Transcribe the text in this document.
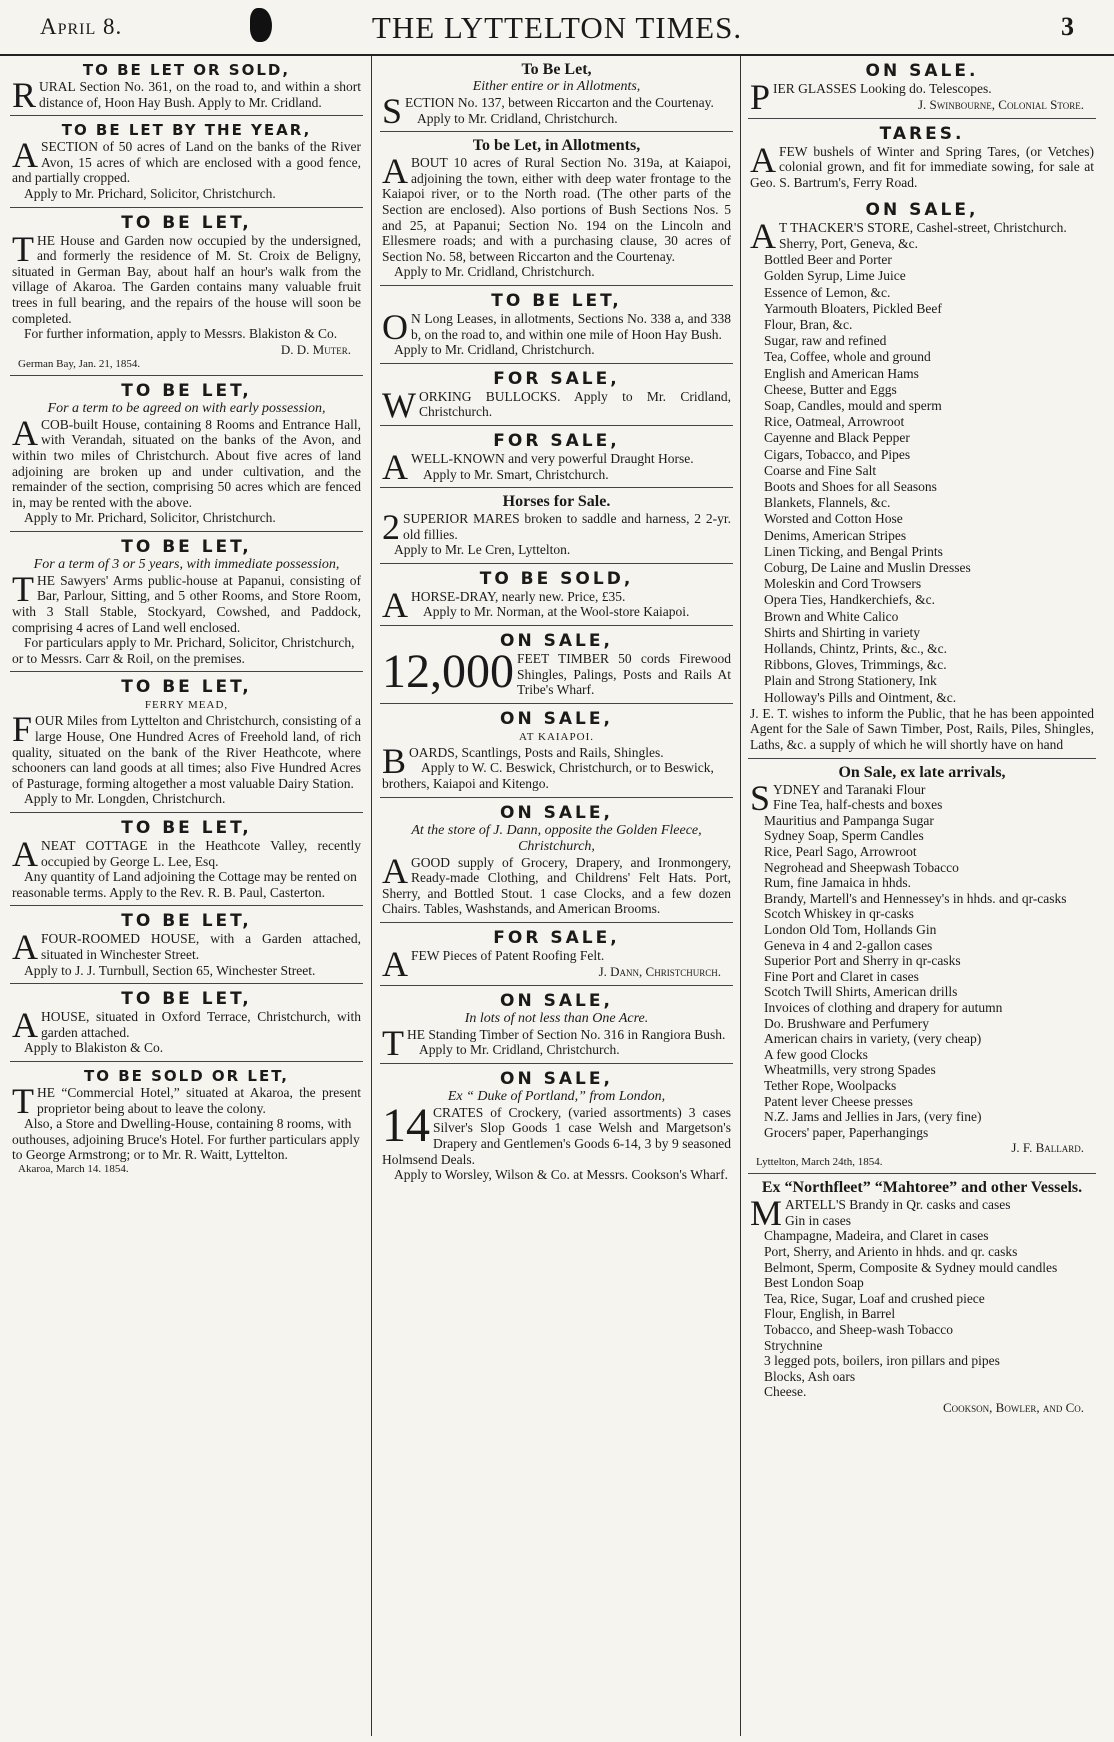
April 8.	THE LYTTELTON TIMES.	3
TO BE LET OR SOLD,
RURAL Section No. 361, on the road to, and within a short distance of, Hoon Hay Bush. Apply to Mr. Cridland.
TO BE LET BY THE YEAR,
ASECTION of 50 acres of Land on the banks of the River Avon, 15 acres of which are enclosed with a good fence, and partially cropped.
Apply to Mr. Prichard, Solicitor, Christchurch.
TO BE LET,
THE House and Garden now occupied by the undersigned, and formerly the residence of M. St. Croix de Beligny, situated in German Bay, about half an hour's walk from the village of Akaroa. The Garden contains many valuable fruit trees in full bearing, and the repairs of the house will soon be completed.
For further information, apply to Messrs. Blakiston & Co.
D. D. Muter.
German Bay, Jan. 21, 1854.
TO BE LET,
For a term to be agreed on with early possession,
ACOB-built House, containing 8 Rooms and Entrance Hall, with Verandah, situated on the banks of the Avon, and within two miles of Christchurch. About five acres of land adjoining are broken up and under cultivation, and the remainder of the section, comprising 50 acres which are fenced in, may be rented with the above.
Apply to Mr. Prichard, Solicitor, Christchurch.
TO BE LET,
For a term of 3 or 5 years, with immediate possession,
THE Sawyers' Arms public-house at Papanui, consisting of Bar, Parlour, Sitting, and 5 other Rooms, and Store Room, with 3 Stall Stable, Stockyard, Cowshed, and Paddock, comprising 4 acres of Land well enclosed.
For particulars apply to Mr. Prichard, Solicitor, Christchurch, or to Messrs. Carr & Roil, on the premises.
TO BE LET,
FERRY MEAD,
FOUR Miles from Lyttelton and Christchurch, consisting of a large House, One Hundred Acres of Freehold land, of rich quality, situated on the bank of the River Heathcote, where schooners can land goods at all times; also Five Hundred Acres of Pasturage, forming altogether a most valuable Dairy Station.
Apply to Mr. Longden, Christchurch.
TO BE LET,
ANEAT COTTAGE in the Heathcote Valley, recently occupied by George L. Lee, Esq.
Any quantity of Land adjoining the Cottage may be rented on reasonable terms. Apply to the Rev. R. B. Paul, Casterton.
TO BE LET,
AFOUR-ROOMED HOUSE, with a Garden attached, situated in Winchester Street.
Apply to J. J. Turnbull, Section 65, Winchester Street.
TO BE LET,
AHOUSE, situated in Oxford Terrace, Christchurch, with garden attached.
Apply to Blakiston & Co.
TO BE SOLD OR LET,
THE “Commercial Hotel,” situated at Akaroa, the present proprietor being about to leave the colony.
Also, a Store and Dwelling-House, containing 8 rooms, with outhouses, adjoining Bruce's Hotel. For further particulars apply to George Armstrong; or to Mr. R. Waitt, Lyttelton.
Akaroa, March 14. 1854.
To Be Let,
Either entire or in Allotments,
SECTION No. 137, between Riccarton and the Courtenay.
Apply to Mr. Cridland, Christchurch.
To be Let, in Allotments,
ABOUT 10 acres of Rural Section No. 319a, at Kaiapoi, adjoining the town, either with deep water frontage to the Kaiapoi river, or to the North road. (The other parts of the Section are enclosed). Also portions of Bush Sections Nos. 5 and 25, at Papanui; Section No. 194 on the Lincoln and Ellesmere roads; and with a purchasing clause, 30 acres of Section No. 58, between Riccarton and the Courtenay.
Apply to Mr. Cridland, Christchurch.
TO BE LET,
O N Long Leases, in allotments, Sections No. 338 a, and 338 b, on the road to, and within one mile of Hoon Hay Bush.
Apply to Mr. Cridland, Christchurch.
FOR SALE,
WORKING BULLOCKS. Apply to Mr. Cridland, Christchurch.
FOR SALE,
AWELL-KNOWN and very powerful Draught Horse.
Apply to Mr. Smart, Christchurch.
Horses for Sale.
2 SUPERIOR MARES broken to saddle and harness, 2 2-yr. old fillies.
Apply to Mr. Le Cren, Lyttelton.
TO BE SOLD,
AHORSE-DRAY, nearly new. Price, £35.
Apply to Mr. Norman, at the Wool-store Kaiapoi.
ON SALE,
12,000 FEET TIMBER 50 cords Firewood Shingles, Palings, Posts and Rails At Tribe's Wharf.
ON SALE,
AT KAIAPOI.
BOARDS, Scantlings, Posts and Rails, Shingles.
Apply to W. C. Beswick, Christchurch, or to Beswick, brothers, Kaiapoi and Kitengo.
ON SALE,
At the store of J. Dann, opposite the Golden Fleece, Christchurch,
AGOOD supply of Grocery, Drapery, and Ironmongery, Ready-made Clothing, and Childrens' Felt Hats. Port, Sherry, and Bottled Stout. 1 case Clocks, and a few dozen Chairs. Tables, Washstands, and American Brooms.
FOR SALE,
AFEW Pieces of Patent Roofing Felt.
J. Dann, Christchurch.
ON SALE,
In lots of not less than One Acre.
THE Standing Timber of Section No. 316 in Rangiora Bush.
Apply to Mr. Cridland, Christchurch.
ON SALE,
Ex “ Duke of Portland,” from London,
14 CRATES of Crockery, (varied assortments) 3 cases Silver's Slop Goods 1 case Welsh and Margetson's Drapery and Gentlemen's Goods 6-14, 3 by 9 seasoned Holmsend Deals.
Apply to Worsley, Wilson & Co. at Messrs. Cookson's Wharf.
ON SALE.
PIER GLASSES Looking do. Telescopes.
J. Swinbourne, Colonial Store.
TARES.
AFEW bushels of Winter and Spring Tares, (or Vetches) colonial grown, and fit for immediate sowing, for sale at Geo. S. Bartrum's, Ferry Road.
ON SALE,
A T THACKER'S STORE, Cashel-street, Christchurch.
Sherry, Port, Geneva, &c.
Bottled Beer and Porter
Golden Syrup, Lime Juice
Essence of Lemon, &c.
Yarmouth Bloaters, Pickled Beef
Flour, Bran, &c.
Sugar, raw and refined
Tea, Coffee, whole and ground
English and American Hams
Cheese, Butter and Eggs
Soap, Candles, mould and sperm
Rice, Oatmeal, Arrowroot
Cayenne and Black Pepper
Cigars, Tobacco, and Pipes
Coarse and Fine Salt
Boots and Shoes for all Seasons
Blankets, Flannels, &c.
Worsted and Cotton Hose
Denims, American Stripes
Linen Ticking, and Bengal Prints
Coburg, De Laine and Muslin Dresses
Moleskin and Cord Trowsers
Opera Ties, Handkerchiefs, &c.
Brown and White Calico
Shirts and Shirting in variety
Hollands, Chintz, Prints, &c., &c.
Ribbons, Gloves, Trimmings, &c.
Plain and Strong Stationery, Ink
Holloway's Pills and Ointment, &c.
J. E. T. wishes to inform the Public, that he has been appointed Agent for the Sale of Sawn Timber, Post, Rails, Piles, Shingles, Laths, &c. a supply of which he will shortly have on hand
On Sale, ex late arrivals,
SYDNEY and Taranaki Flour
Fine Tea, half-chests and boxes
Mauritius and Pampanga Sugar
Sydney Soap, Sperm Candles
Rice, Pearl Sago, Arrowroot
Negrohead and Sheepwash Tobacco
Rum, fine Jamaica in hhds.
Brandy, Martell's and Hennessey's in hhds. and qr-casks
Scotch Whiskey in qr-casks
London Old Tom, Hollands Gin
Geneva in 4 and 2-gallon cases
Superior Port and Sherry in qr-casks
Fine Port and Claret in cases
Scotch Twill Shirts, American drills
Invoices of clothing and drapery for autumn
Do. Brushware and Perfumery
American chairs in variety, (very cheap)
A few good Clocks
Wheatmills, very strong Spades
Tether Rope, Woolpacks
Patent lever Cheese presses
N.Z. Jams and Jellies in Jars, (very fine)
Grocers' paper, Paperhangings
J. F. Ballard.
Lyttelton, March 24th, 1854.
Ex “Northfleet” “Mahtoree” and other Vessels.
MARTELL'S Brandy in Qr. casks and cases
Gin in cases
Champagne, Madeira, and Claret in cases
Port, Sherry, and Ariento in hhds. and qr. casks
Belmont, Sperm, Composite & Sydney mould candles
Best London Soap
Tea, Rice, Sugar, Loaf and crushed piece
Flour, English, in Barrel
Tobacco, and Sheep-wash Tobacco
Strychnine
3 legged pots, boilers, iron pillars and pipes
Blocks, Ash oars
Cheese.
Cookson, Bowler, and Co.
